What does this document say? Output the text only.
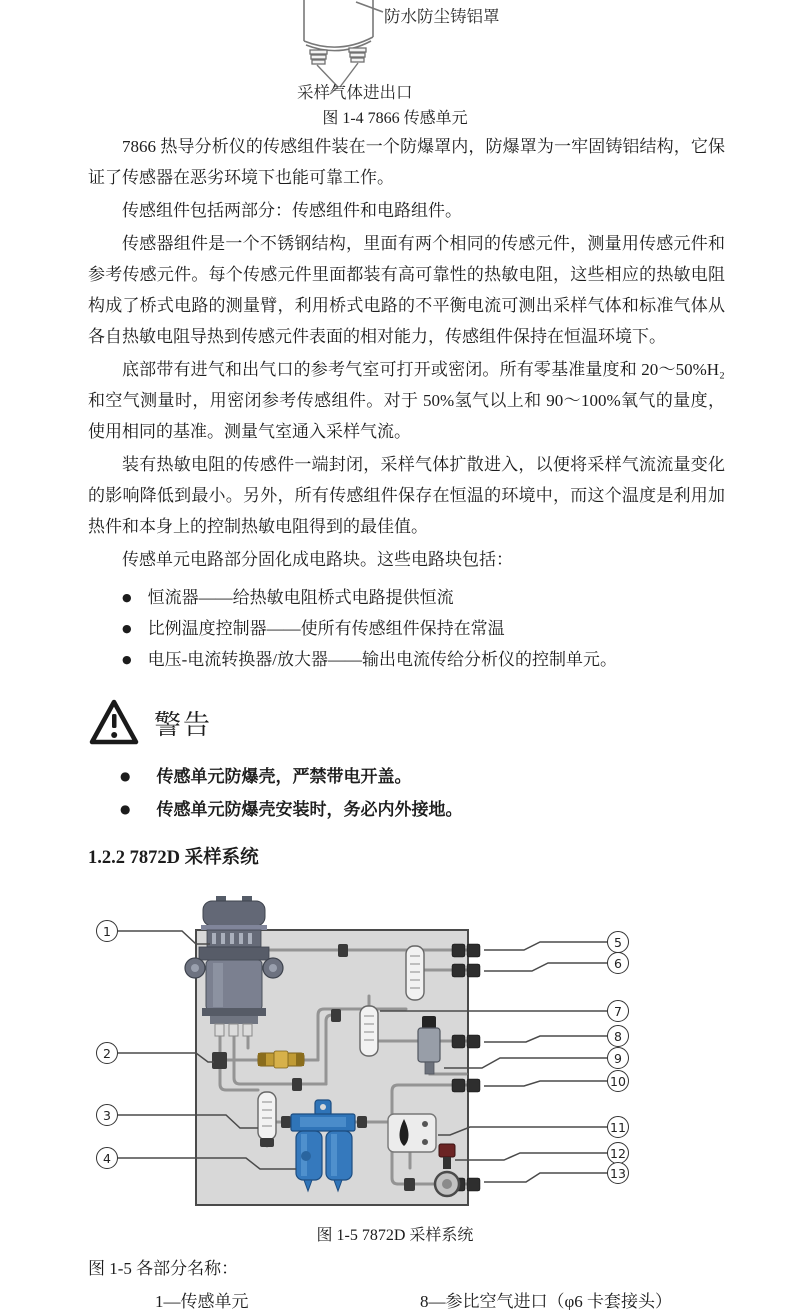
防水防尘铸铝罩
采样气体进出口
图 1-4 7866 传感单元

7866 热导分析仪的传感组件装在一个防爆罩内，防爆罩为一牢固铸铝结构，它保证了传感器在恶劣环境下也能可靠工作。

传感组件包括两部分：传感组件和电路组件。

传感器组件是一个不锈钢结构，里面有两个相同的传感元件，测量用传感元件和参考传感元件。每个传感元件里面都装有高可靠性的热敏电阻，这些相应的热敏电阻构成了桥式电路的测量臂，利用桥式电路的不平衡电流可测出采样气体和标准气体从各自热敏电阻导热到传感元件表面的相对能力，传感组件保持在恒温环境下。

底部带有进气和出气口的参考气室可打开或密闭。所有零基准量度和 20～50%H₂和空气测量时，用密闭参考传感组件。对于 50%氢气以上和 90～100%氧气的量度，使用相同的基准。测量气室通入采样气流。

装有热敏电阻的传感件一端封闭，采样气体扩散进入，以便将采样气流流量变化的影响降低到最小。另外，所有传感组件保存在恒温的环境中，而这个温度是利用加热件和本身上的控制热敏电阻得到的最佳值。

传感单元电路部分固化成电路块。这些电路块包括：

● 恒流器——给热敏电阻桥式电路提供恒流
● 比例温度控制器——使所有传感组件保持在常温
● 电压-电流转换器/放大器——输出电流传给分析仪的控制单元。
警告
● 传感单元防爆壳，严禁带电开盖。
● 传感单元防爆壳安装时，务必内外接地。
1.2.2 7872D 采样系统
1
2
3
4
5
6
7
8
9
10
11
12
13
图 1-5 7872D 采样系统
图 1-5 各部分名称：
1—传感单元	8—参比空气进口（φ6 卡套接头）
